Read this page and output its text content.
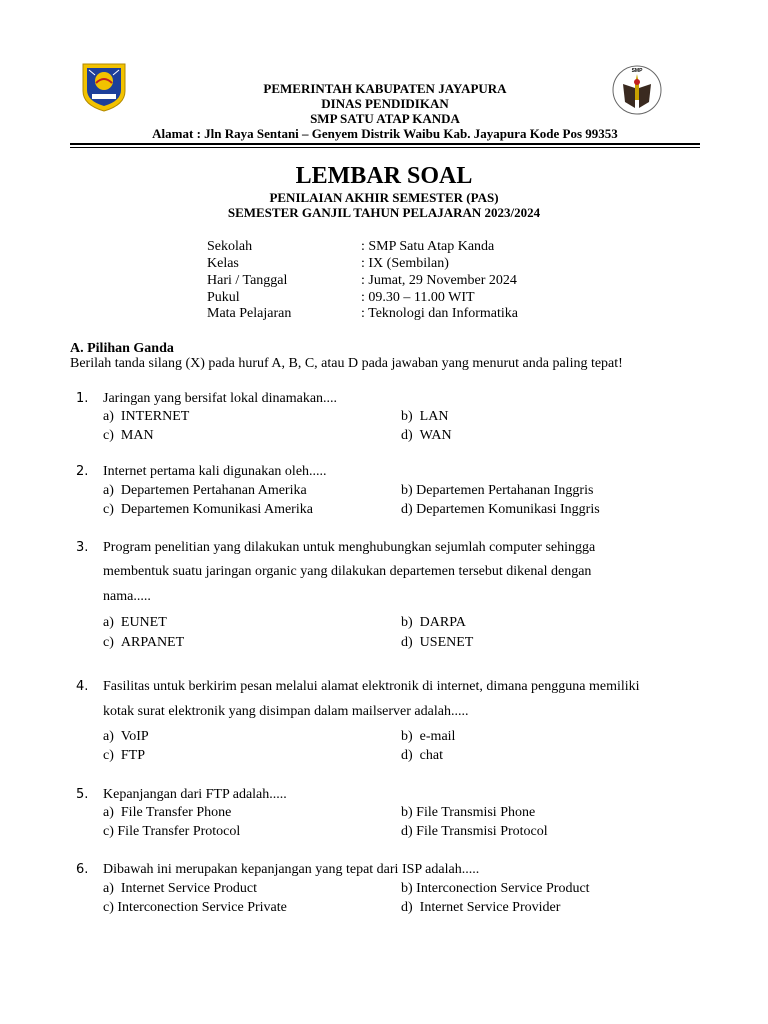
SMP
PEMERINTAH KABUPATEN JAYAPURA
DINAS PENDIDIKAN
SMP SATU ATAP KANDA
Alamat : Jln Raya Sentani – Genyem Distrik Waibu Kab. Jayapura Kode Pos 99353
LEMBAR SOAL
PENILAIAN AKHIR SEMESTER (PAS)
SEMESTER GANJIL TAHUN PELAJARAN 2023/2024
Sekolah	: SMP Satu Atap Kanda
Kelas	: IX (Sembilan)
Hari / Tanggal	: Jumat, 29 November 2024
Pukul	: 09.30 – 11.00 WIT
Mata Pelajaran	: Teknologi dan Informatika
A. Pilihan Ganda
Berilah tanda silang (X) pada huruf A, B, C, atau D pada jawaban yang menurut anda paling tepat!
1. Jaringan yang bersifat lokal dinamakan....
a) INTERNET	b) LAN
c) MAN	d) WAN
2. Internet pertama kali digunakan oleh.....
a) Departemen Pertahanan Amerika	b) Departemen Pertahanan Inggris
c) Departemen Komunikasi Amerika	d) Departemen Komunikasi Inggris
3. Program penelitian yang dilakukan untuk menghubungkan sejumlah computer sehingga
membentuk suatu jaringan organic yang dilakukan departemen tersebut dikenal dengan
nama.....
a) EUNET	b) DARPA
c) ARPANET	d) USENET
4. Fasilitas untuk berkirim pesan melalui alamat elektronik di internet, dimana pengguna memiliki
kotak surat elektronik yang disimpan dalam mailserver adalah.....
a) VoIP	b) e-mail
c) FTP	d) chat
5. Kepanjangan dari FTP adalah.....
a) File Transfer Phone	b) File Transmisi Phone
c) File Transfer Protocol	d) File Transmisi Protocol
6. Dibawah ini merupakan kepanjangan yang tepat dari ISP adalah.....
a) Internet Service Product	b) Interconection Service Product
c) Interconection Service Private	d) Internet Service Provider
